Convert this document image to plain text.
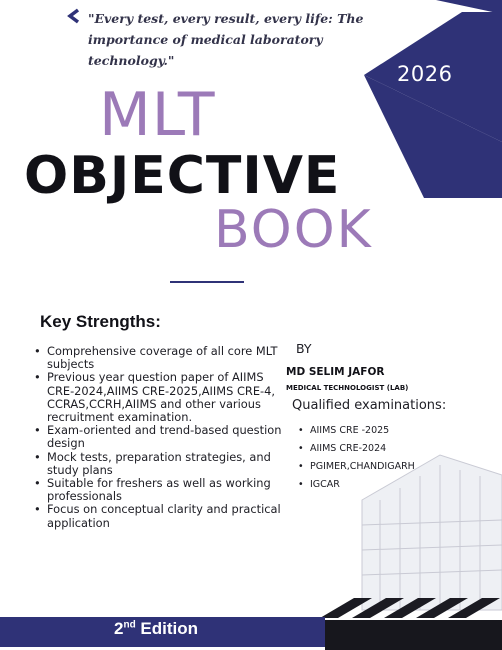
"Every test, every result, every life: The importance of medical laboratory technology."

2026
MLT
OBJECTIVE
BOOK
Key Strengths:
• Comprehensive coverage of all core MLT subjects
• Previous year question paper of AIIMS CRE-2024,AIIMS CRE-2025,AIIMS CRE-4, CCRAS,CCRH,AIIMS and other various recruitment examination.
• Exam-oriented and trend-based question design
• Mock tests, preparation strategies, and study plans
• Suitable for freshers as well as working professionals
• Focus on conceptual clarity and practical application
BY
MD SELIM JAFOR
MEDICAL TECHNOLOGIST (LAB)
Qualified examinations:
• AIIMS CRE -2025
• AIIMS CRE-2024
• PGIMER,CHANDIGARH
• IGCAR
2nd Edition
